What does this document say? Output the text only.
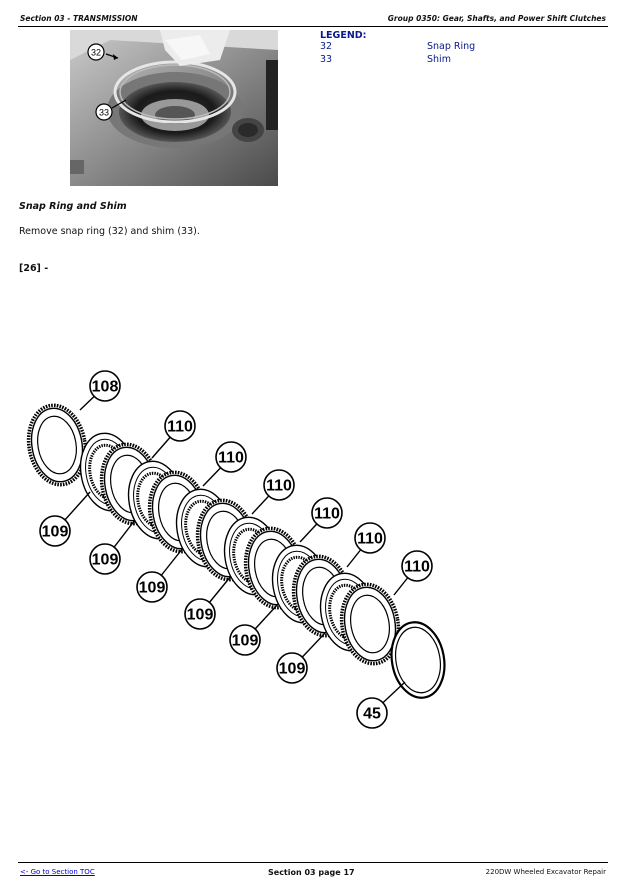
Section 03 - TRANSMISSION	Group 0350: Gear, Shafts, and Power Shift Clutches
32
33
LEGEND:
32	Snap Ring
33	Shim
Snap Ring and Shim
Remove snap ring (32) and shim (33).
[26] -
108
110
110
110
110
110
110
109
109
109
109
109
109
45
<- Go to Section TOC	Section 03 page 17	220DW Wheeled Excavator Repair
